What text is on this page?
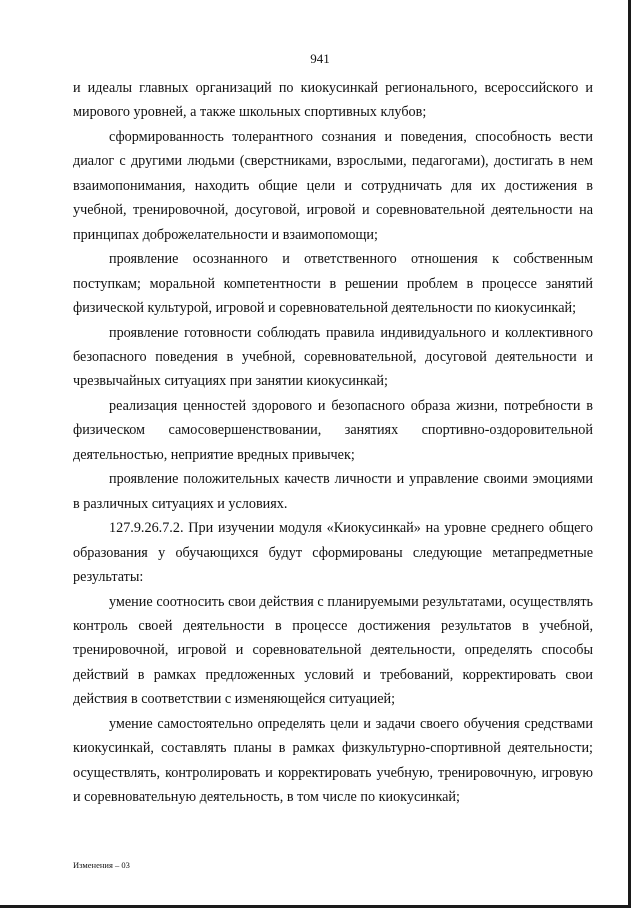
941

и идеалы главных организаций по киокусинкай регионального, всероссийского и мирового уровней, а также школьных спортивных клубов;

сформированность толерантного сознания и поведения, способность вести диалог с другими людьми (сверстниками, взрослыми, педагогами), достигать в нем взаимопонимания, находить общие цели и сотрудничать для их достижения в учебной, тренировочной, досуговой, игровой и соревновательной деятельности на принципах доброжелательности и взаимопомощи;

проявление осознанного и ответственного отношения к собственным поступкам; моральной компетентности в решении проблем в процессе занятий физической культурой, игровой и соревновательной деятельности по киокусинкай;

проявление готовности соблюдать правила индивидуального и коллективного безопасного поведения в учебной, соревновательной, досуговой деятельности и чрезвычайных ситуациях при занятии киокусинкай;

реализация ценностей здорового и безопасного образа жизни, потребности в физическом самосовершенствовании, занятиях спортивно-оздоровительной деятельностью, неприятие вредных привычек;

проявление положительных качеств личности и управление своими эмоциями в различных ситуациях и условиях.

127.9.26.7.2. При изучении модуля «Киокусинкай» на уровне среднего общего образования у обучающихся будут сформированы следующие метапредметные результаты:

умение соотносить свои действия с планируемыми результатами, осуществлять контроль своей деятельности в процессе достижения результатов в учебной, тренировочной, игровой и соревновательной деятельности, определять способы действий в рамках предложенных условий и требований, корректировать свои действия в соответствии с изменяющейся ситуацией;

умение самостоятельно определять цели и задачи своего обучения средствами киокусинкай, составлять планы в рамках физкультурно-спортивной деятельности; осуществлять, контролировать и корректировать учебную, тренировочную, игровую и соревновательную деятельность, в том числе по киокусинкай;

Изменения – 03
